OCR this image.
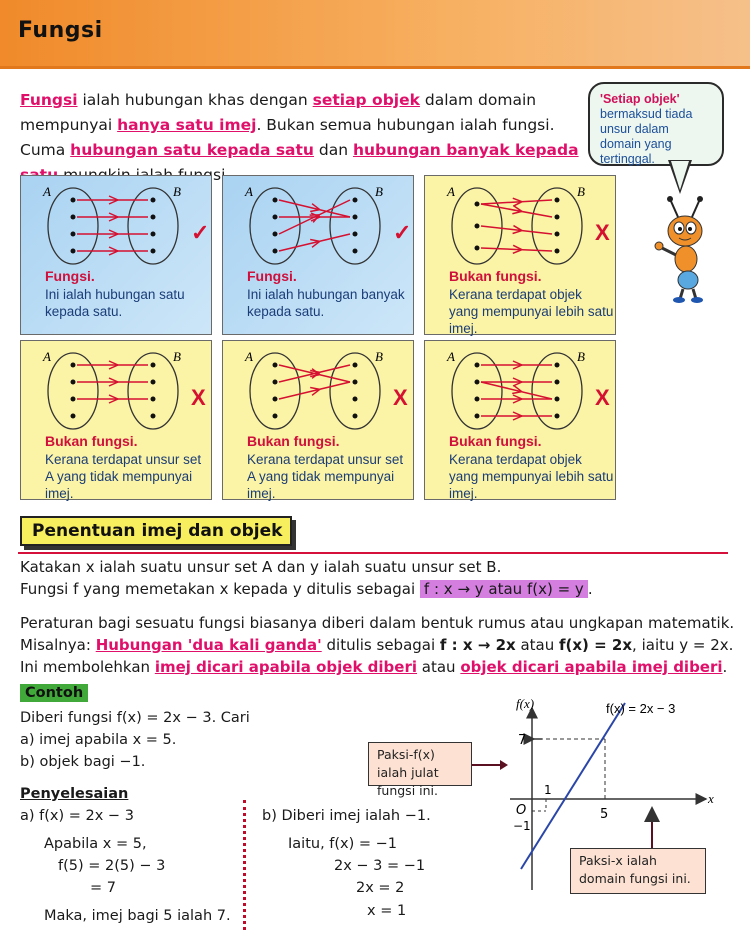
Fungsi
Fungsi ialah hubungan khas dengan setiap objek dalam domain mempunyai hanya satu imej. Bukan semua hubungan ialah fungsi. Cuma hubungan satu kepada satu dan hubungan banyak kepada
'Setiap objek'
bermaksud tiada unsur dalam domain yang tertinggal.
A	B
✓
Fungsi.
Ini ialah hubungan satu kepada satu.
A	B
✓
Fungsi.
Ini ialah hubungan banyak kepada satu.
A	B
X
Bukan fungsi.
Kerana terdapat objek yang mempunyai lebih satu imej.
A	B
X
Bukan fungsi.
Kerana terdapat unsur set A yang tidak mempunyai imej.
A	B
X
Bukan fungsi.
Kerana terdapat unsur set A yang tidak mempunyai imej.
A	B
X
Bukan fungsi.
Kerana terdapat objek yang mempunyai lebih satu imej.
Penentuan imej dan objek
Katakan x ialah suatu unsur set A dan y ialah suatu unsur set B.
Fungsi f yang memetakan x kepada y ditulis sebagai f : x → y atau f(x) = y .
Peraturan bagi sesuatu fungsi biasanya diberi dalam bentuk rumus atau ungkapan matematik.
Misalnya: Hubungan 'dua kali ganda' ditulis sebagai f : x → 2x atau f(x) = 2x, iaitu y = 2x.
Ini membolehkan imej dicari apabila objek diberi atau objek dicari apabila imej diberi.
Contoh
Diberi fungsi f(x) = 2x − 3. Cari
a) imej apabila x = 5.
b) objek bagi −1.
Penyelesaian
a) f(x) = 2x − 3
Apabila x = 5,
f(5) = 2(5) − 3
= 7
Maka, imej bagi 5 ialah 7.
b) Diberi imej ialah −1.
Iaitu, f(x) = −1
2x − 3 = −1
2x = 2
x = 1
f(x)
x
f(x) = 2x − 3
O
7
1
−1
5
Paksi-f(x) ialah julat fungsi ini.
Paksi-x ialah domain fungsi ini.
